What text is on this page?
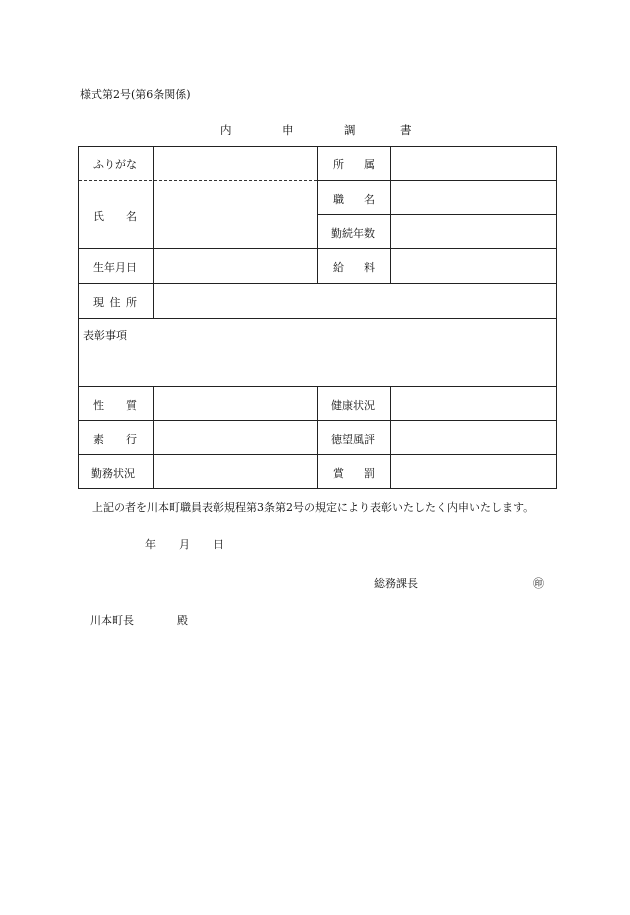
様式第2号(第6条関係)
内	申	調	書
ふりがな	所 属
氏 名
職 名
勤続年数
生年月日	給 料
現 住 所
表彰事項
性 質	健康状況
素 行	徳望風評
勤務状況	賞 罰
上記の者を川本町職員表彰規程第3条第2号の規定により表彰いたしたく内申いたします。
年 月 日
総務課長	㊞
川本町長	殿
